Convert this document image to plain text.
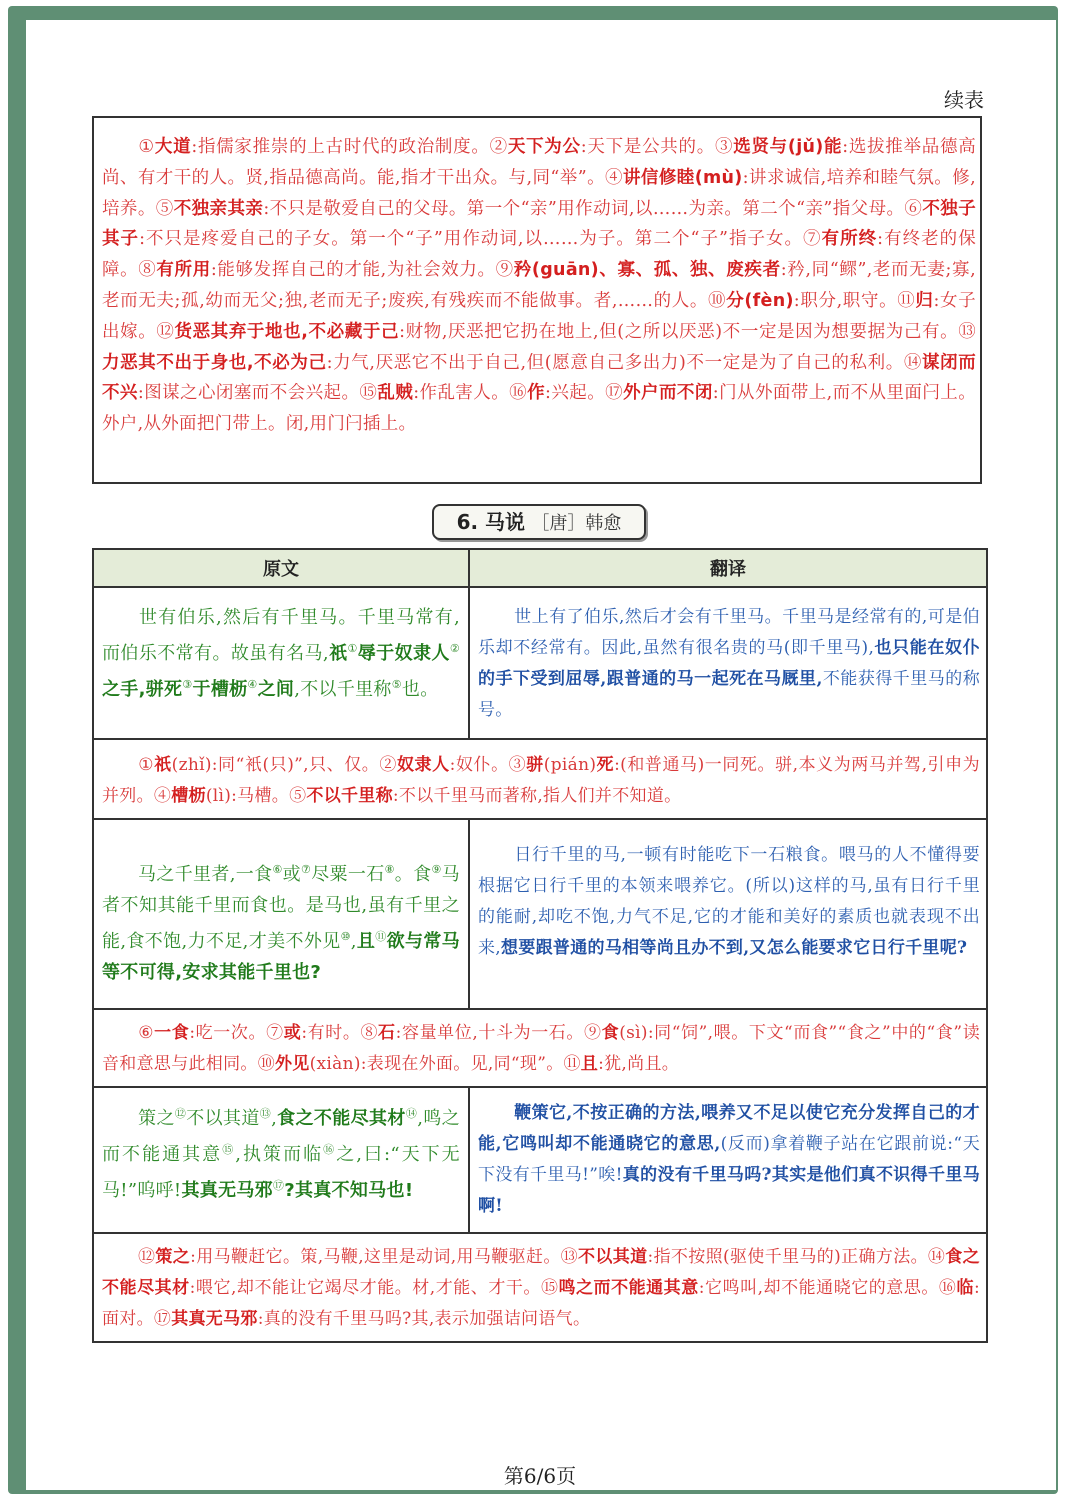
续表
①大道:指儒家推崇的上古时代的政治制度。②天下为公:天下是公共的。③选贤与(jǔ)能:选拔推举品德高尚、有才干的人。贤,指品德高尚。能,指才干出众。与,同“举”。④讲信修睦(mù):讲求诚信,培养和睦气氛。修,培养。⑤不独亲其亲:不只是敬爱自己的父母。第一个“亲”用作动词,以……为亲。第二个“亲”指父母。⑥不独子其子:不只是疼爱自己的子女。第一个“子”用作动词,以……为子。第二个“子”指子女。⑦有所终:有终老的保障。⑧有所用:能够发挥自己的才能,为社会效力。⑨矜(guān)、寡、孤、独、废疾者:矜,同“鳏”,老而无妻;寡,老而无夫;孤,幼而无父;独,老而无子;废疾,有残疾而不能做事。者,……的人。⑩分(fèn):职分,职守。⑪归:女子出嫁。⑫货恶其弃于地也,不必藏于己:财物,厌恶把它扔在地上,但(之所以厌恶)不一定是因为想要据为己有。⑬力恶其不出于身也,不必为己:力气,厌恶它不出于自己,但(愿意自己多出力)不一定是为了自己的私利。⑭谋闭而不兴:图谋之心闭塞而不会兴起。⑮乱贼:作乱害人。⑯作:兴起。⑰外户而不闭:门从外面带上,而不从里面闩上。外户,从外面把门带上。闭,用门闩插上。
6. 马说 ［唐］韩愈
原文	翻译
世有伯乐,然后有千里马。千里马常有,而伯乐不常有。故虽有名马,祇①辱于奴隶人②之手,骈死③于槽枥④之间,不以千里称⑤也。	世上有了伯乐,然后才会有千里马。千里马是经常有的,可是伯乐却不经常有。因此,虽然有很名贵的马(即千里马),也只能在奴仆的手下受到屈辱,跟普通的马一起死在马厩里,不能获得千里马的称号。
①祇(zhǐ):同“衹(只)”,只、仅。②奴隶人:奴仆。③骈(pián)死:(和普通马)一同死。骈,本义为两马并驾,引申为并列。④槽枥(lì):马槽。⑤不以千里称:不以千里马而著称,指人们并不知道。	
马之千里者,一食⑥或⑦尽粟一石⑧。食⑨马者不知其能千里而食也。是马也,虽有千里之能,食不饱,力不足,才美不外见⑩,且⑪欲与常马等不可得,安求其能千里也?	日行千里的马,一顿有时能吃下一石粮食。喂马的人不懂得要根据它日行千里的本领来喂养它。(所以)这样的马,虽有日行千里的能耐,却吃不饱,力气不足,它的才能和美好的素质也就表现不出来,想要跟普通的马相等尚且办不到,又怎么能要求它日行千里呢?
⑥一食:吃一次。⑦或:有时。⑧石:容量单位,十斗为一石。⑨食(sì):同“饲”,喂。下文“而食”“食之”中的“食”读音和意思与此相同。⑩外见(xiàn):表现在外面。见,同“现”。⑪且:犹,尚且。	
策之⑫不以其道⑬,食之不能尽其材⑭,鸣之而不能通其意⑮,执策而临⑯之,曰:“天下无马!”呜呼!其真无马邪⑰?其真不知马也!	鞭策它,不按正确的方法,喂养又不足以使它充分发挥自己的才能,它鸣叫却不能通晓它的意思,(反而)拿着鞭子站在它跟前说:“天下没有千里马!”唉!真的没有千里马吗?其实是他们真不识得千里马啊!
⑫策之:用马鞭赶它。策,马鞭,这里是动词,用马鞭驱赶。⑬不以其道:指不按照(驱使千里马的)正确方法。⑭食之不能尽其材:喂它,却不能让它竭尽才能。材,才能、才干。⑮鸣之而不能通其意:它鸣叫,却不能通晓它的意思。⑯临:面对。⑰其真无马邪:真的没有千里马吗?其,表示加强诘问语气。	
第6/6页
